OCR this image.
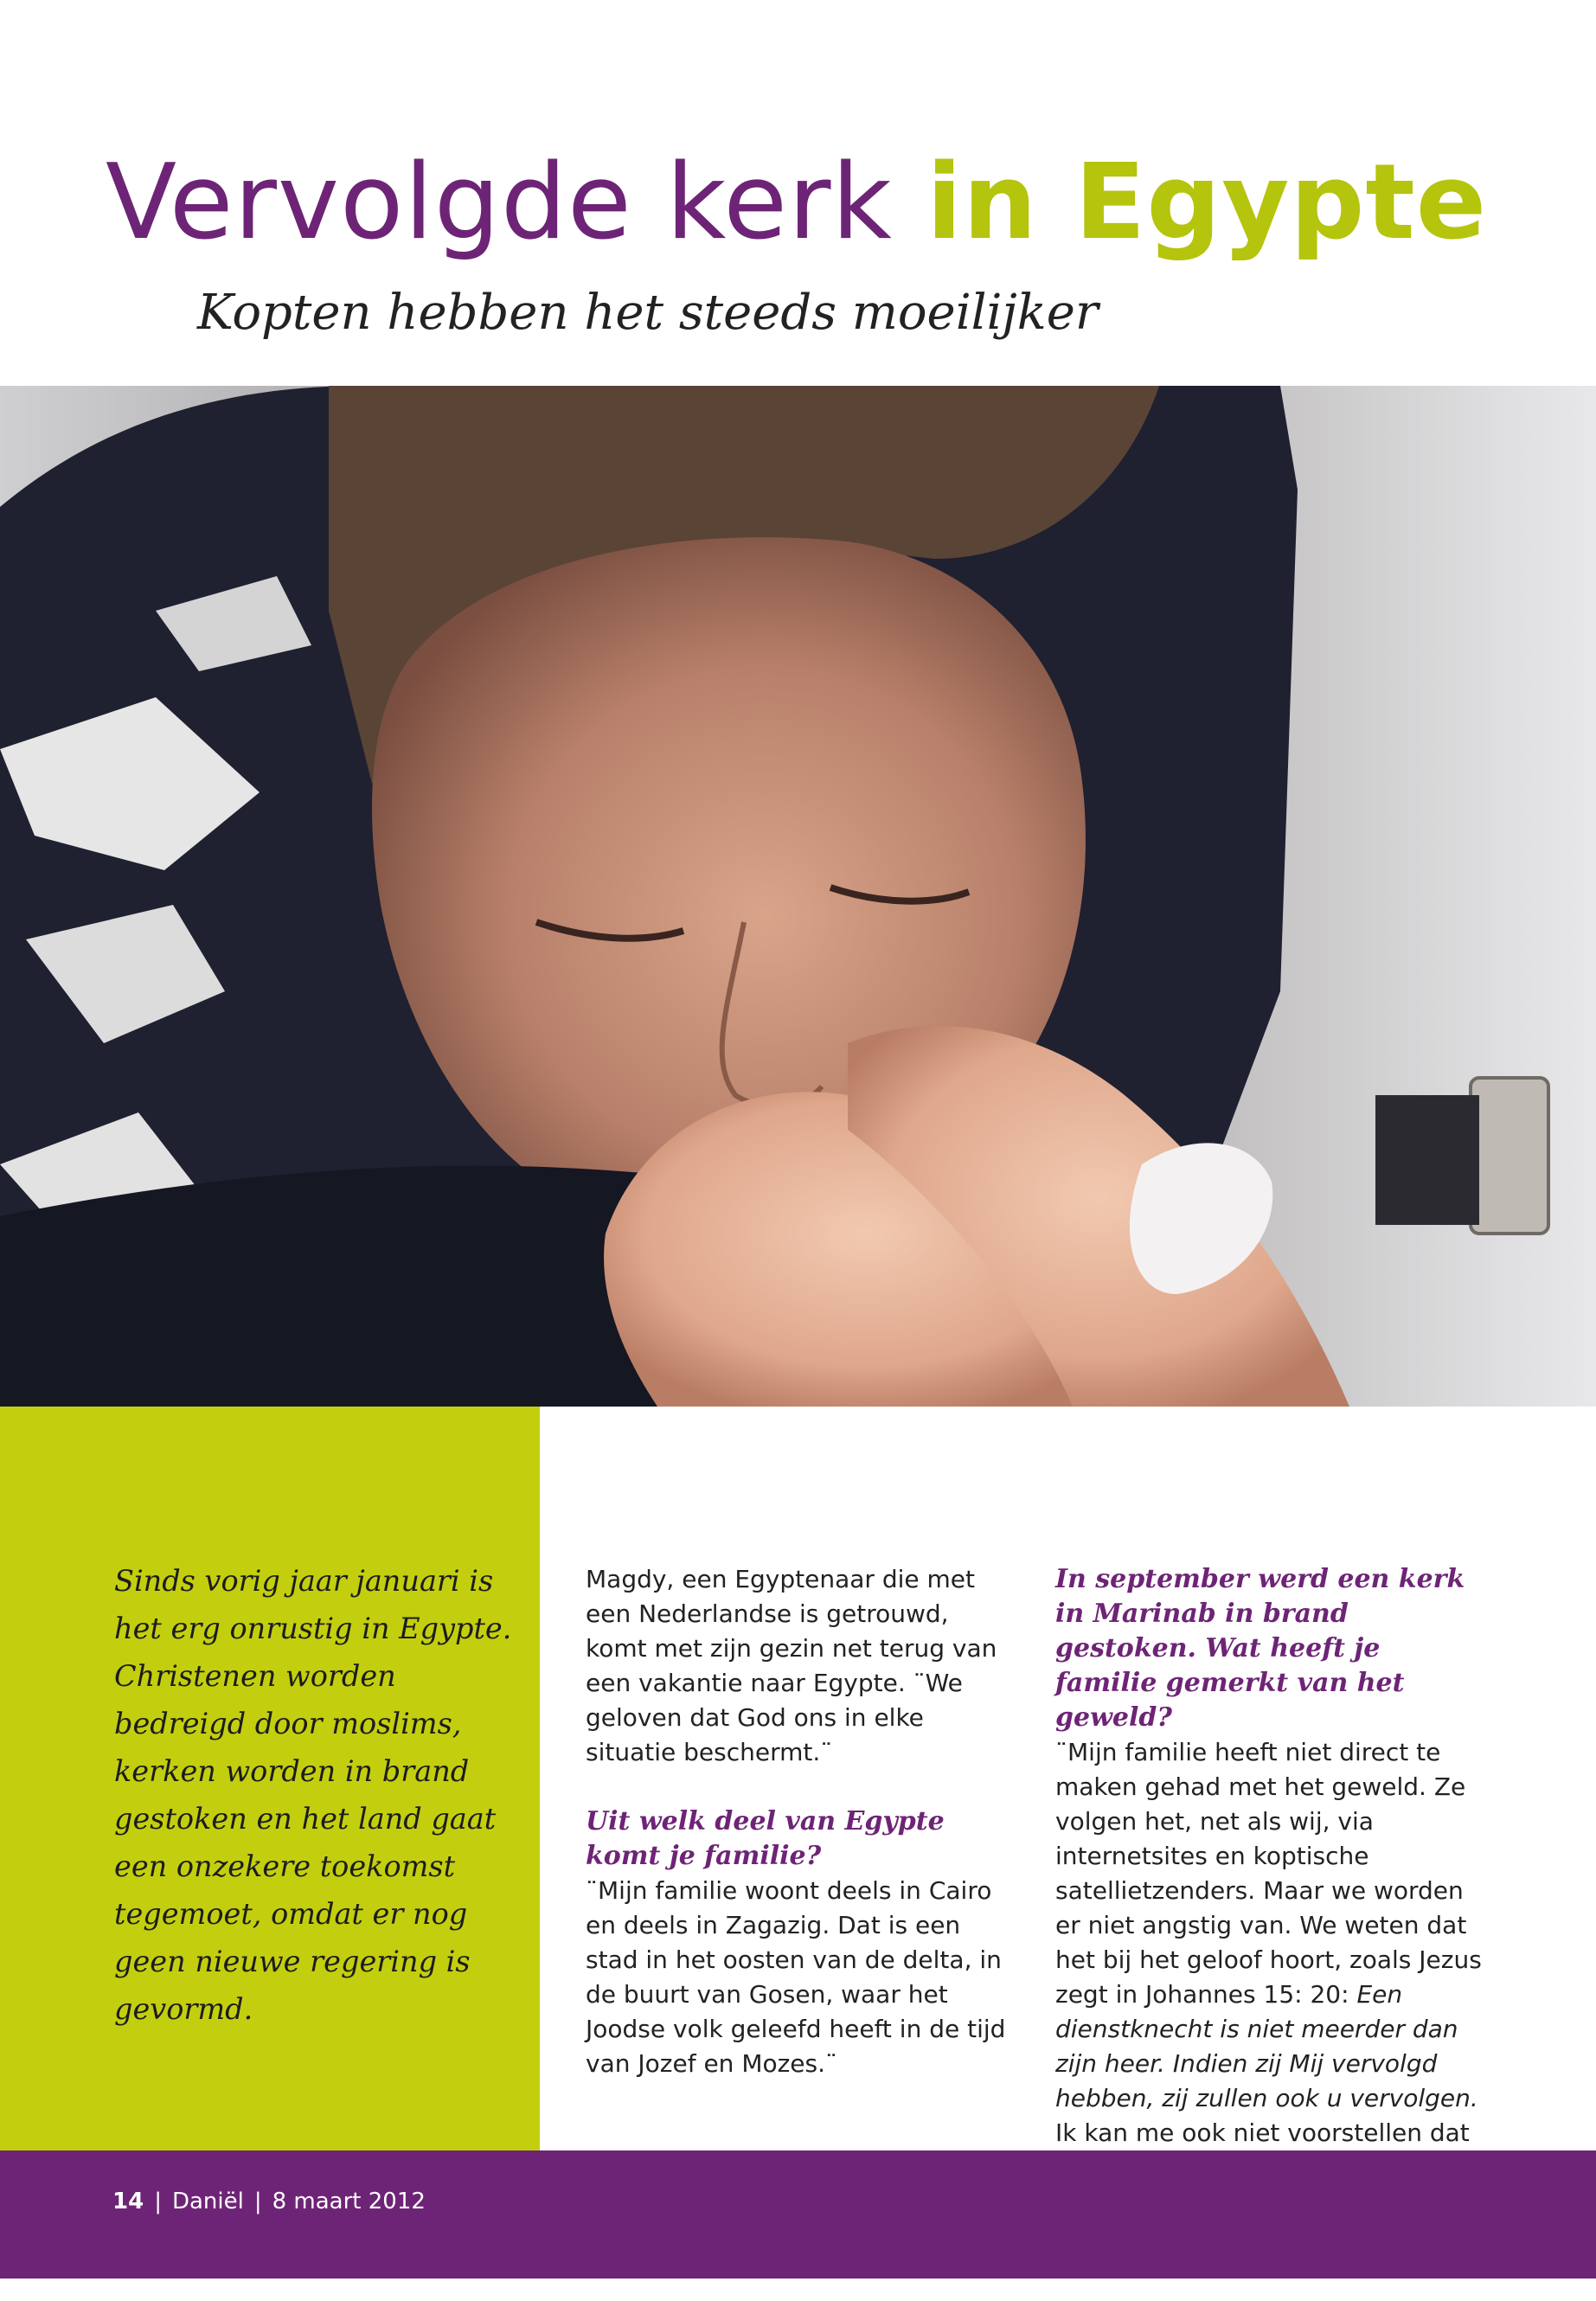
Vervolgde kerk in Egypte
Kopten hebben het steeds moeilijker

Sinds vorig jaar januari is het erg onrustig in Egypte. Christenen worden bedreigd door moslims, kerken worden in brand gestoken en het land gaat een onzekere toekomst tegemoet, omdat er nog geen nieuwe regering is gevormd.

Magdy, een Egyptenaar die met een Nederlandse is getrouwd, komt met zijn gezin net terug van een vakantie naar Egypte. ¨We geloven dat God ons in elke situatie beschermt.¨

Uit welk deel van Egypte komt je familie?

¨Mijn familie woont deels in Cairo en deels in Zagazig. Dat is een stad in het oosten van de delta, in de buurt van Gosen, waar het Joodse volk geleefd heeft in de tijd van Jozef en Mozes.¨

In september werd een kerk in Marinab in brand gestoken. Wat heeft je familie gemerkt van het geweld?

¨Mijn familie heeft niet direct te maken gehad met het geweld. Ze volgen het, net als wij, via internetsites en koptische satellietzenders. Maar we worden er niet angstig van. We weten dat het bij het geloof hoort, zoals Jezus zegt in Johannes 15: 20: Een dienstknecht is niet meerder dan zijn heer. Indien zij Mij vervolgd hebben, zij zullen ook u vervolgen. Ik kan me ook niet voorstellen dat

14 | Daniël | 8 maart 2012
